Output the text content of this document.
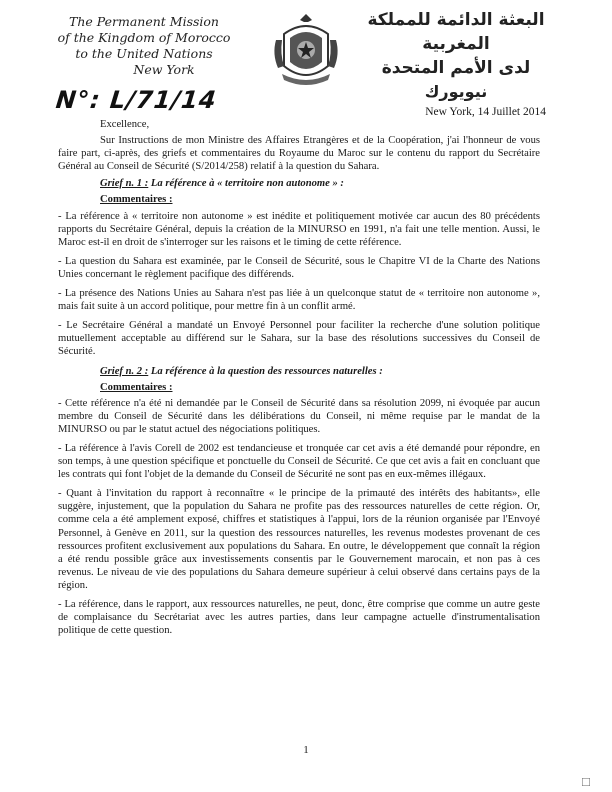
The Permanent Mission
of the Kingdom of Morocco
to the United Nations
New York
البعثة الدائمة للمملكة المغربية
لدى الأمم المتحدة
نيويورك
N°: L/71/14	New York, 14 Juillet 2014

Excellence,

Sur Instructions de mon Ministre des Affaires Etrangères et de la Coopération, j'ai l'honneur de vous faire part, ci-après, des griefs et commentaires du Royaume du Maroc sur le contenu du rapport du Secrétaire Général au Conseil de Sécurité (S/2014/258) relatif à la question du Sahara.

Grief n. 1 : La référence à « territoire non autonome » :

Commentaires :

- La référence à « territoire non autonome » est inédite et politiquement motivée car aucun des 80 précédents rapports du Secrétaire Général, depuis la création de la MINURSO en 1991, n'a fait une telle mention. Aussi, le Maroc est-il en droit de s'interroger sur les raisons et le timing de cette référence.

- La question du Sahara est examinée, par le Conseil de Sécurité, sous le Chapitre VI de la Charte des Nations Unies concernant le règlement pacifique des différends.

- La présence des Nations Unies au Sahara n'est pas liée à un quelconque statut de « territoire non autonome », mais fait suite à un accord politique, pour mettre fin à un conflit armé.

- Le Secrétaire Général a mandaté un Envoyé Personnel pour faciliter la recherche d'une solution politique mutuellement acceptable au différend sur le Sahara, sur la base des résolutions successives du Conseil de Sécurité.

Grief n. 2 : La référence à la question des ressources naturelles :

Commentaires :

- Cette référence n'a été ni demandée par le Conseil de Sécurité dans sa résolution 2099, ni évoquée par aucun membre du Conseil de Sécurité dans les délibérations du Conseil, ni même requise par le mandat de la MINURSO ou par le statut actuel des négociations politiques.

- La référence à l'avis Corell de 2002 est tendancieuse et tronquée car cet avis a été demandé pour répondre, en son temps, à une question spécifique et ponctuelle du Conseil de Sécurité. Ce que cet avis a fait en concluant que les contrats qui font l'objet de la demande du Conseil de Sécurité ne sont pas en eux-mêmes illégaux.

- Quant à l'invitation du rapport à reconnaître « le principe de la primauté des intérêts des habitants», elle suggère, injustement, que la population du Sahara ne profite pas des ressources naturelles de cette région. Or, comme cela a été amplement exposé, chiffres et statistiques à l'appui, lors de la réunion organisée par l'Envoyé Personnel, à Genève en 2011, sur la question des ressources naturelles, les revenus modestes provenant de ces ressources profitent exclusivement aux populations du Sahara. En outre, le développement que connaît la région a été rendu possible grâce aux investissements consentis par le Gouvernement marocain, et non pas à ces revenus. Le niveau de vie des populations du Sahara demeure supérieur à celui observé dans certains pays de la région.

- La référence, dans le rapport, aux ressources naturelles, ne peut, donc, être comprise que comme un autre geste de complaisance du Secrétariat avec les autres parties, dans leur campagne actuelle d'instrumentalisation politique de cette question.

1
